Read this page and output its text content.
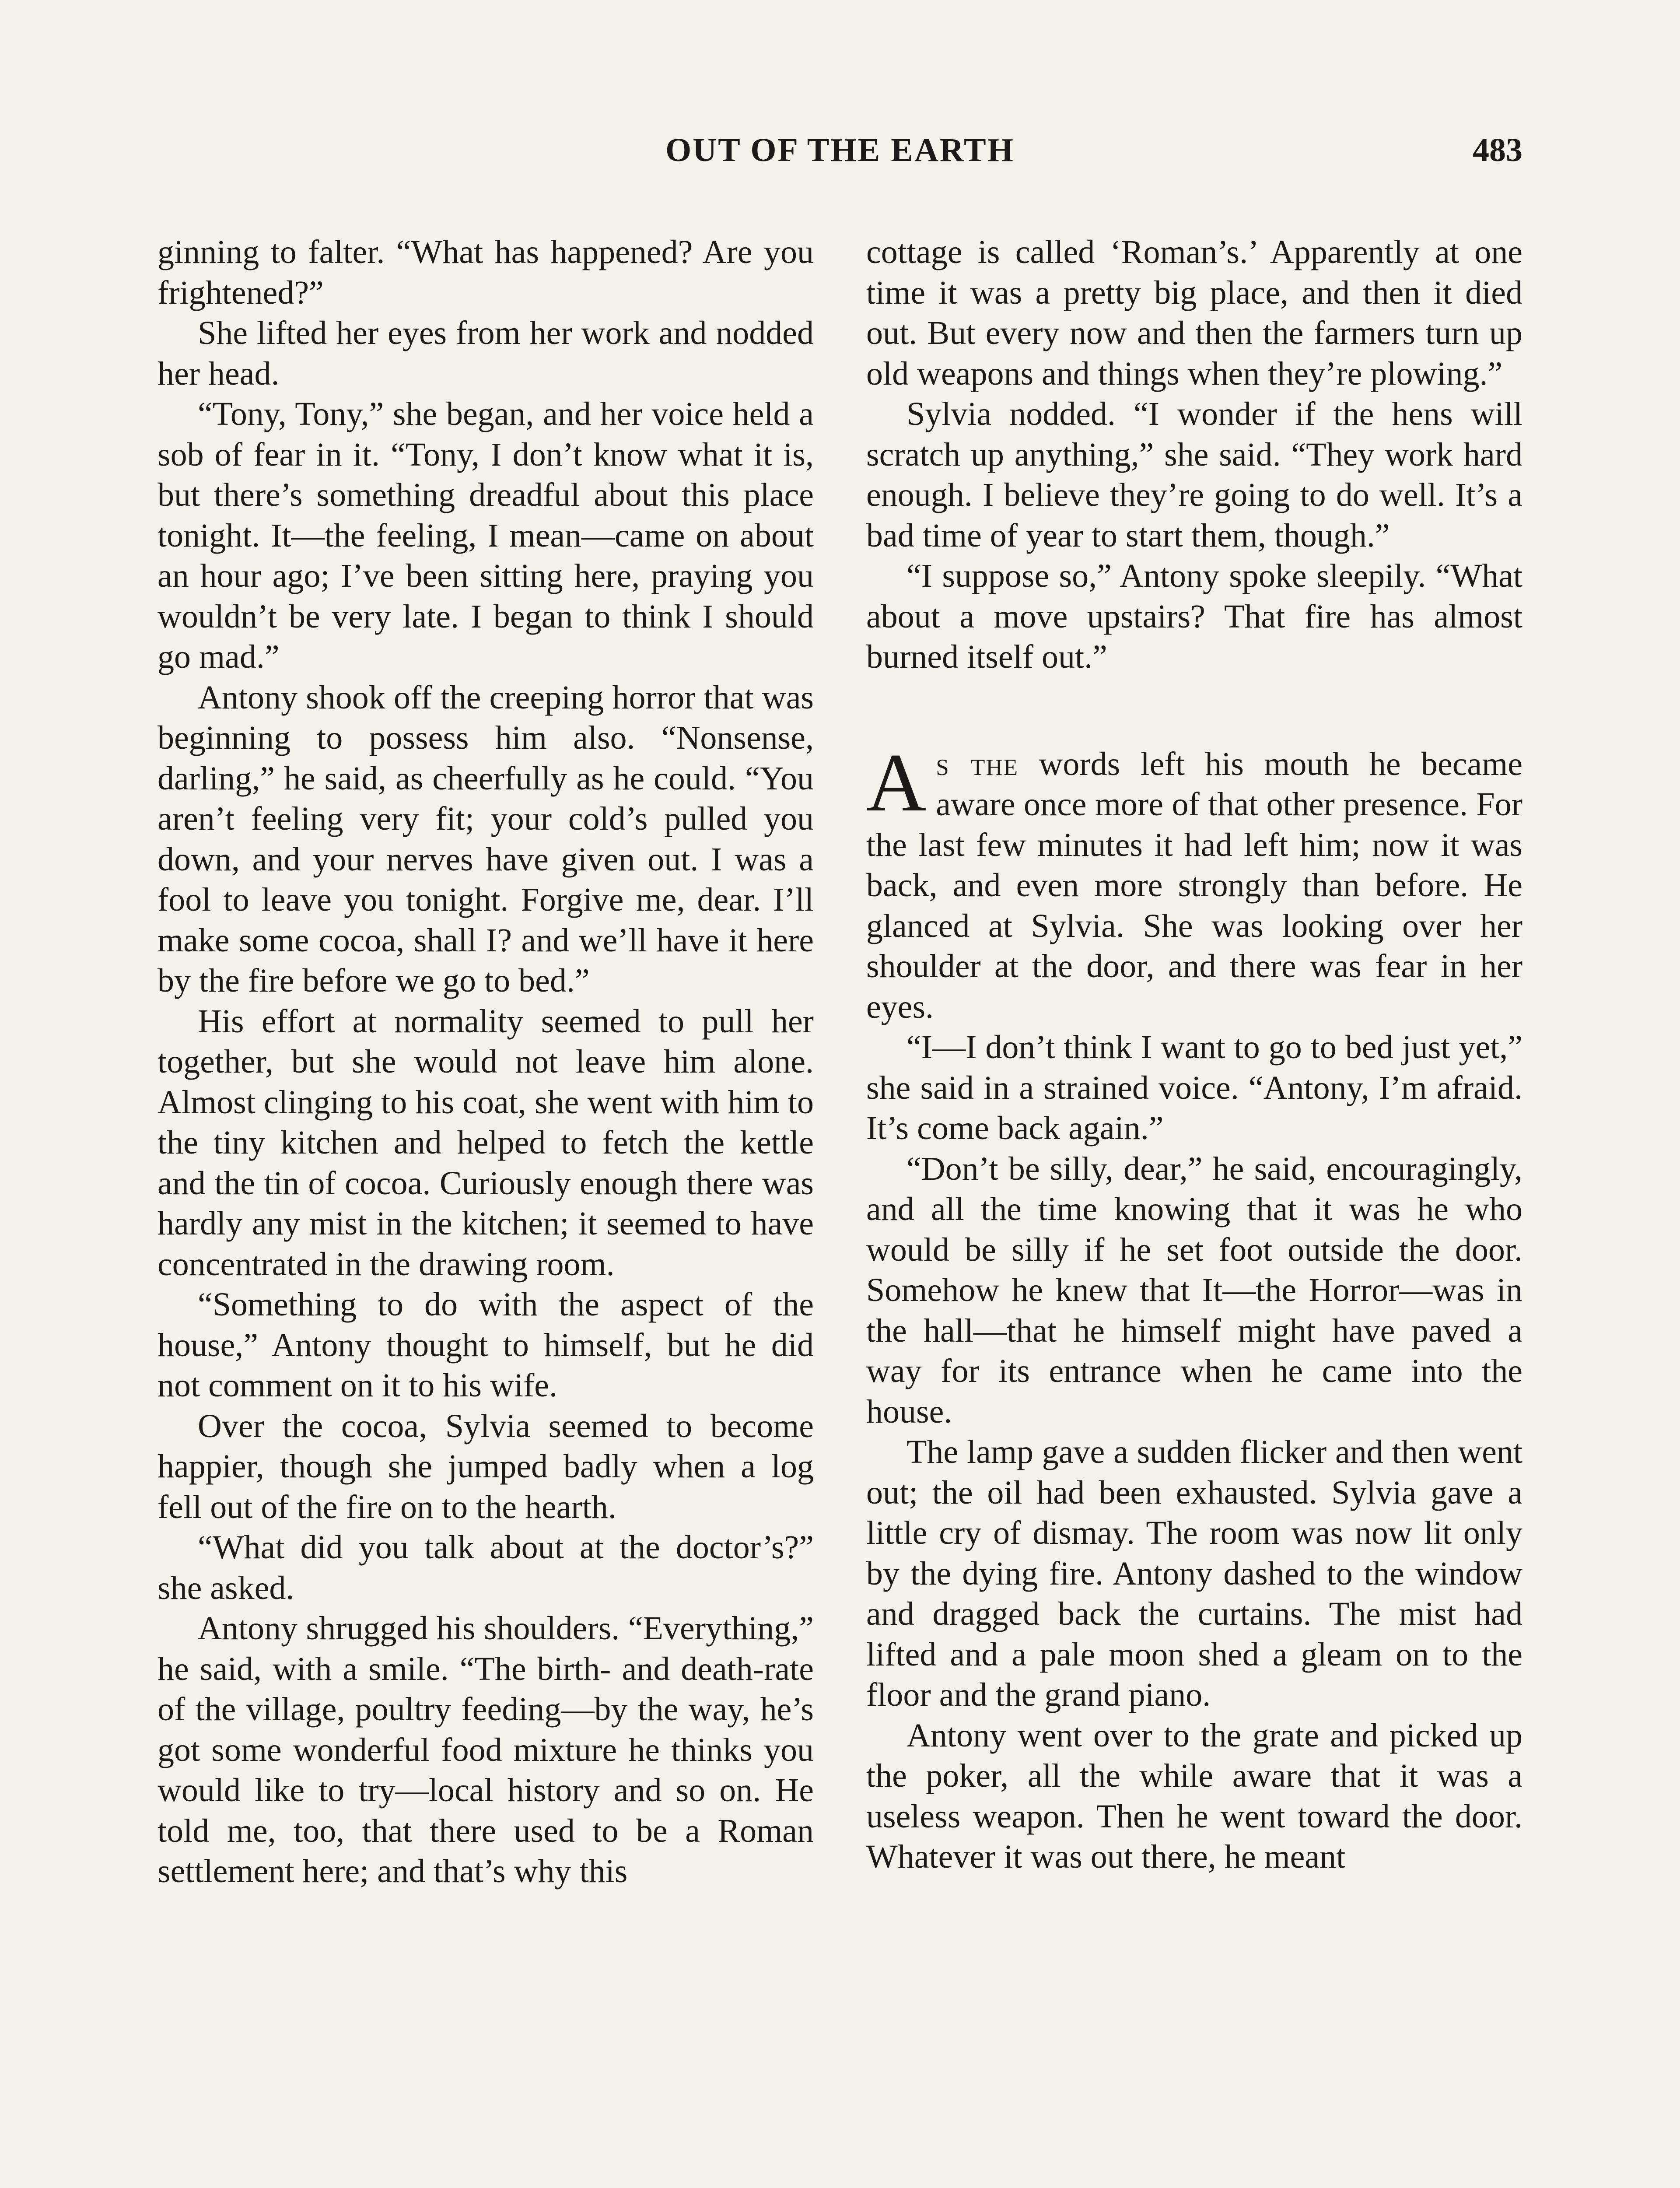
OUT OF THE EARTH	483

ginning to falter. “What has happened? Are you frightened?”

She lifted her eyes from her work and nodded her head.

“Tony, Tony,” she began, and her voice held a sob of fear in it. “Tony, I don’t know what it is, but there’s something dreadful about this place tonight. It—the feeling, I mean—came on about an hour ago; I’ve been sitting here, praying you wouldn’t be very late. I began to think I should go mad.”

Antony shook off the creeping horror that was beginning to possess him also. “Nonsense, darling,” he said, as cheerfully as he could. “You aren’t feeling very fit; your cold’s pulled you down, and your nerves have given out. I was a fool to leave you tonight. Forgive me, dear. I’ll make some cocoa, shall I? and we’ll have it here by the fire before we go to bed.”

His effort at normality seemed to pull her together, but she would not leave him alone. Almost clinging to his coat, she went with him to the tiny kitchen and helped to fetch the kettle and the tin of cocoa. Curiously enough there was hardly any mist in the kitchen; it seemed to have concentrated in the drawing room.

“Something to do with the aspect of the house,” Antony thought to himself, but he did not comment on it to his wife.

Over the cocoa, Sylvia seemed to become happier, though she jumped badly when a log fell out of the fire on to the hearth.

“What did you talk about at the doctor’s?” she asked.

Antony shrugged his shoulders. “Everything,” he said, with a smile. “The birth- and death-rate of the village, poultry feeding—by the way, he’s got some wonderful food mixture he thinks you would like to try—local history and so on. He told me, too, that there used to be a Roman settlement here; and that’s why this

cottage is called ‘Roman’s.’ Apparently at one time it was a pretty big place, and then it died out. But every now and then the farmers turn up old weapons and things when they’re plowing.”

Sylvia nodded. “I wonder if the hens will scratch up anything,” she said. “They work hard enough. I believe they’re going to do well. It’s a bad time of year to start them, though.”

“I suppose so,” Antony spoke sleepily. “What about a move upstairs? That fire has almost burned itself out.”

As the words left his mouth he became aware once more of that other presence. For the last few minutes it had left him; now it was back, and even more strongly than before. He glanced at Sylvia. She was looking over her shoulder at the door, and there was fear in her eyes.

“I—I don’t think I want to go to bed just yet,” she said in a strained voice. “Antony, I’m afraid. It’s come back again.”

“Don’t be silly, dear,” he said, encouragingly, and all the time knowing that it was he who would be silly if he set foot outside the door. Somehow he knew that It—the Horror—was in the hall—that he himself might have paved a way for its entrance when he came into the house.

The lamp gave a sudden flicker and then went out; the oil had been exhausted. Sylvia gave a little cry of dismay. The room was now lit only by the dying fire. Antony dashed to the window and dragged back the curtains. The mist had lifted and a pale moon shed a gleam on to the floor and the grand piano.

Antony went over to the grate and picked up the poker, all the while aware that it was a useless weapon. Then he went toward the door. Whatever it was out there, he meant
